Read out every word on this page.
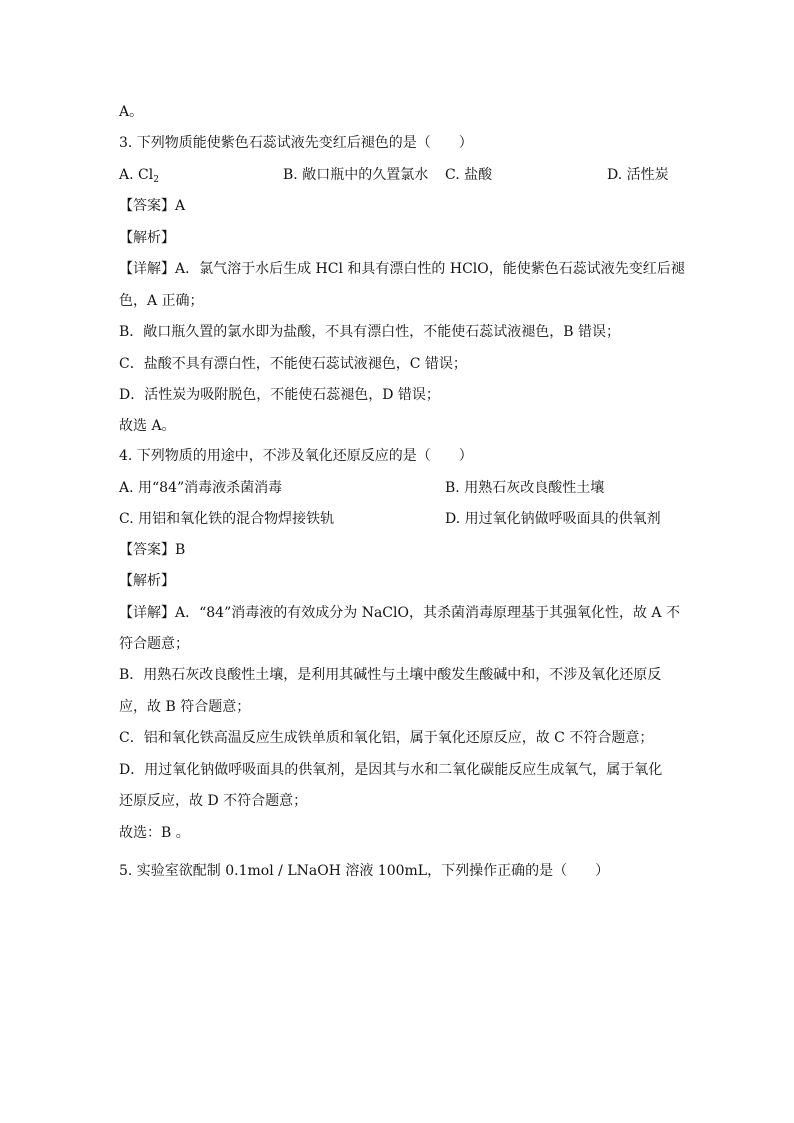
A。
3. 下列物质能使紫色石蕊试液先变红后褪色的是（　　）
A. $Cl_2$	B. 敞口瓶中的久置氯水 C. 盐酸	D. 活性炭
【答案】A
【解析】
【详解】A．氯气溶于水后生成 HCl 和具有漂白性的 HClO，能使紫色石蕊试液先变红后褪
色，A 正确；
B．敞口瓶久置的氯水即为盐酸，不具有漂白性，不能使石蕊试液褪色，B 错误；
C．盐酸不具有漂白性，不能使石蕊试液褪色，C 错误；
D．活性炭为吸附脱色，不能使石蕊褪色，D 错误；
故选 A。
4. 下列物质的用途中，不涉及氧化还原反应的是（　　）
A. 用“84”消毒液杀菌消毒	B. 用熟石灰改良酸性土壤
C. 用铝和氧化铁的混合物焊接铁轨	D. 用过氧化钠做呼吸面具的供氧剂
【答案】B
【解析】
【详解】A．“84”消毒液的有效成分为 NaClO，其杀菌消毒原理基于其强氧化性，故 A 不
符合题意；
B．用熟石灰改良酸性土壤，是利用其碱性与土壤中酸发生酸碱中和，不涉及氧化还原反
应，故 B 符合题意；
C．铝和氧化铁高温反应生成铁单质和氧化铝，属于氧化还原反应，故 C 不符合题意；
D．用过氧化钠做呼吸面具的供氧剂，是因其与水和二氧化碳能反应生成氧气，属于氧化
还原反应，故 D 不符合题意；
故选：B 。
5. 实验室欲配制 0.1mol / LNaOH 溶液 100mL，下列操作正确的是（　　）
